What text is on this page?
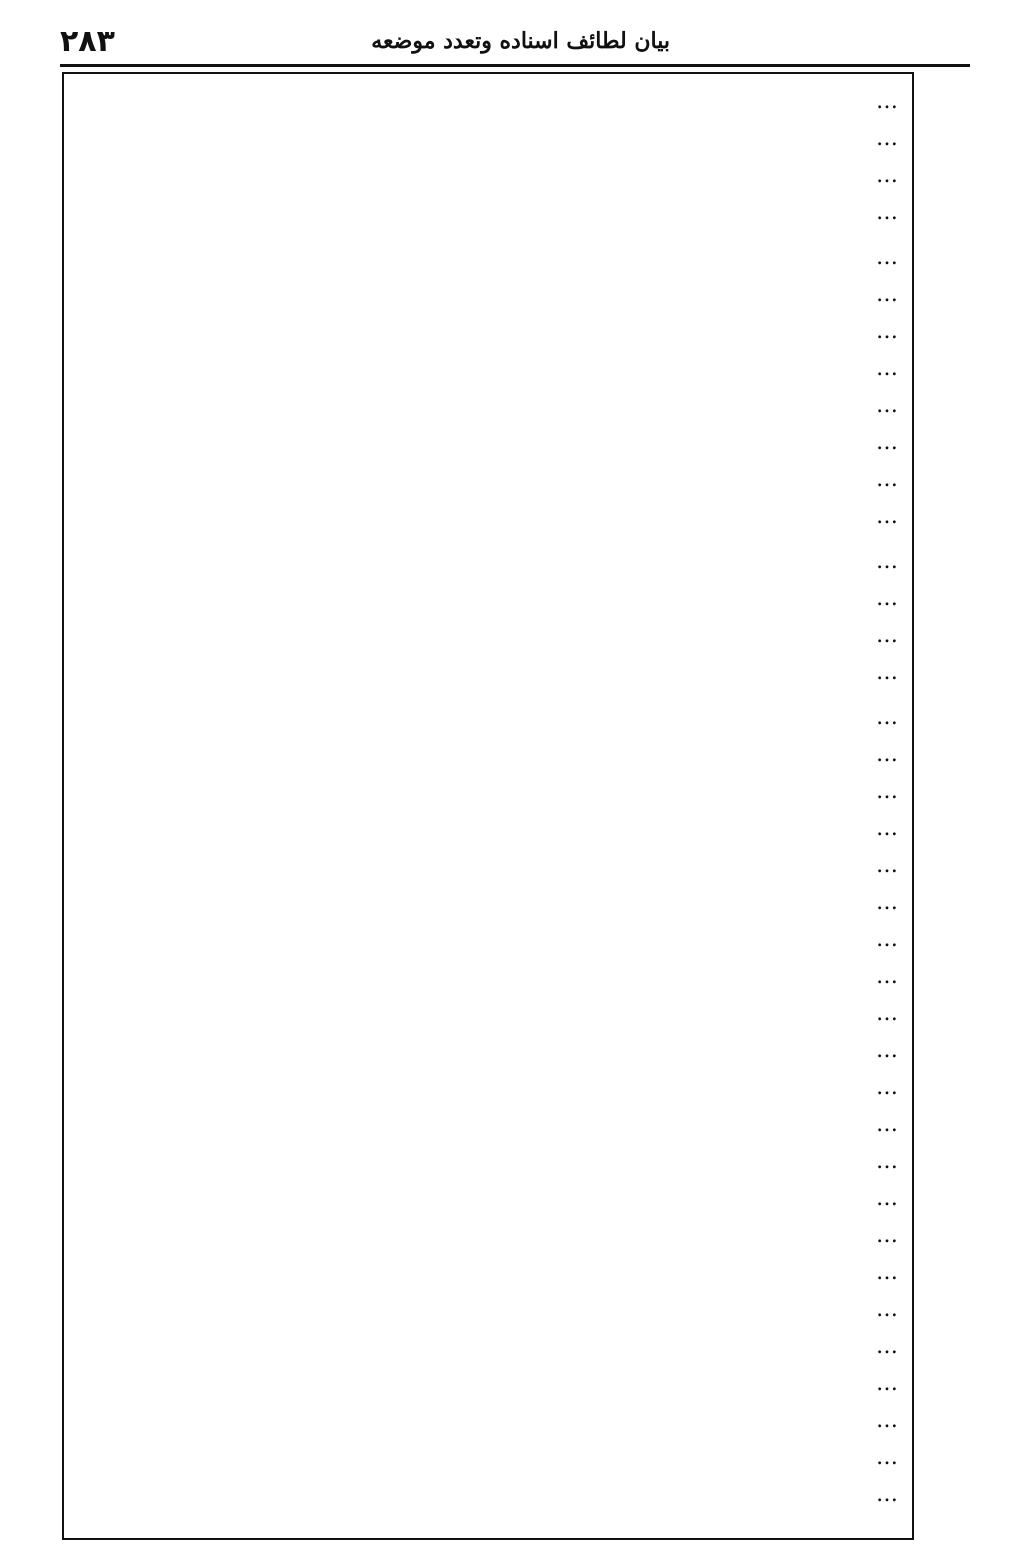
٢٨٣	بيان لطائف اسناده وتعدد موضعه
…
…
…
…
…
…
…
…
…
…
…
…
…
…
…
…
…
…
…
…
…
…
…
…
…
…
…
…
…
…
…
…
…
…
…
…
…
…
